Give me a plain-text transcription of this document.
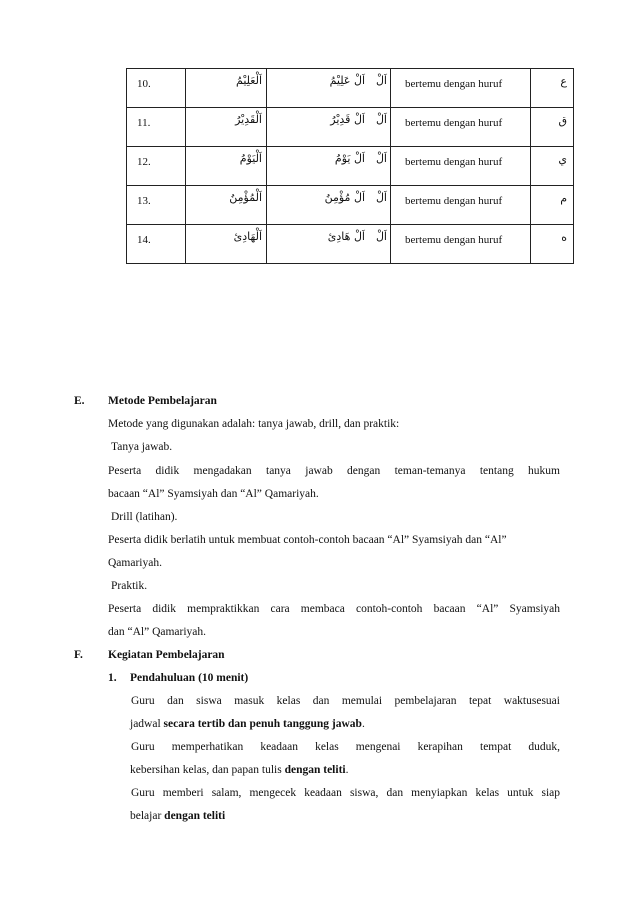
10.	اَلْعَلِيْمُ	اَلْ عَلِيْمُ	اَلْ	bertemu dengan huruf	ع
11.	اَلْقَدِيْرُ	اَلْ قَدِيْرُ	اَلْ	bertemu dengan huruf	ق
12.	اَلْيَوْمُ	اَلْ يَوْمُ	اَلْ	bertemu dengan huruf	ي
13.	اَلْمُؤْمِنُ	اَلْ مُؤْمِنُ	اَلْ	bertemu dengan huruf	م
14.	اَلْهَادِئ	اَلْ هَادِئ	اَلْ	bertemu dengan huruf	ه
E. Metode Pembelajaran
Metode yang digunakan adalah: tanya jawab, drill, dan praktik:
Tanya jawab.
Peserta didik mengadakan tanya jawab dengan teman-temanya tentang hukum
bacaan “Al” Syamsiyah dan “Al” Qamariyah.
Drill (latihan).
Peserta didik berlatih untuk membuat contoh-contoh bacaan “Al” Syamsiyah dan “Al”
Qamariyah.
Praktik.
Peserta didik mempraktikkan cara membaca contoh-contoh bacaan “Al” Syamsiyah
dan “Al” Qamariyah.
F. Kegiatan Pembelajaran
1. Pendahuluan (10 menit)
Guru dan siswa masuk kelas dan memulai pembelajaran tepat waktusesuai
jadwal secara tertib dan penuh tanggung jawab.
Guru memperhatikan keadaan kelas mengenai kerapihan tempat duduk,
kebersihan kelas, dan papan tulis dengan teliti.
Guru memberi salam, mengecek keadaan siswa, dan menyiapkan kelas untuk siap
belajar dengan teliti
